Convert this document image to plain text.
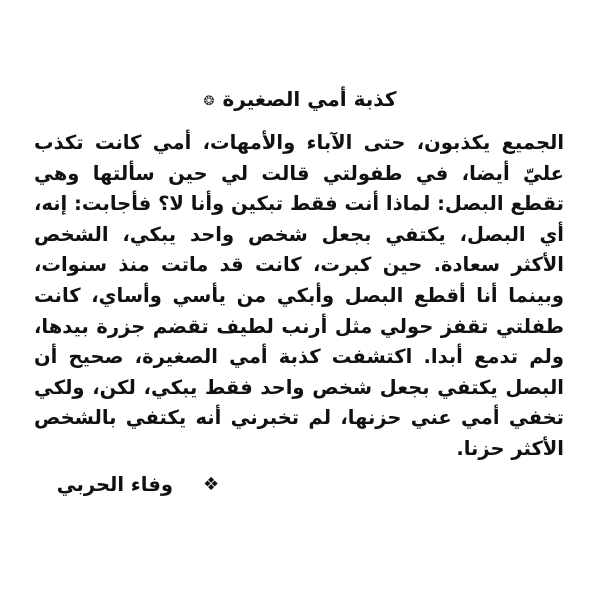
كذبة أمي الصغيرة❂

الجميع يكذبون، حتى الآباء والأمهات، أمي كانت تكذب عليّ أيضا، في طفولتي قالت لي حين سألتها وهي تقطع البصل: لماذا أنت فقط تبكين وأنا لا؟ فأجابت: إنه، أي البصل، يكتفي بجعل شخص واحد يبكي، الشخص الأكثر سعادة. حين كبرت، كانت قد ماتت منذ سنوات، وبينما أنا أقطع البصل وأبكي من يأسي وأساي، كانت طفلتي تقفز حولي مثل أرنب لطيف تقضم جزرة بيدها، ولم تدمع أبدا. اكتشفت كذبة أمي الصغيرة، صحيح أن البصل يكتفي بجعل شخص واحد فقط يبكي، لكن، ولكي تخفي أمي عني حزنها، لم تخبرني أنه يكتفي بالشخص الأكثر حزنا.

وفاء الحربي ❖
